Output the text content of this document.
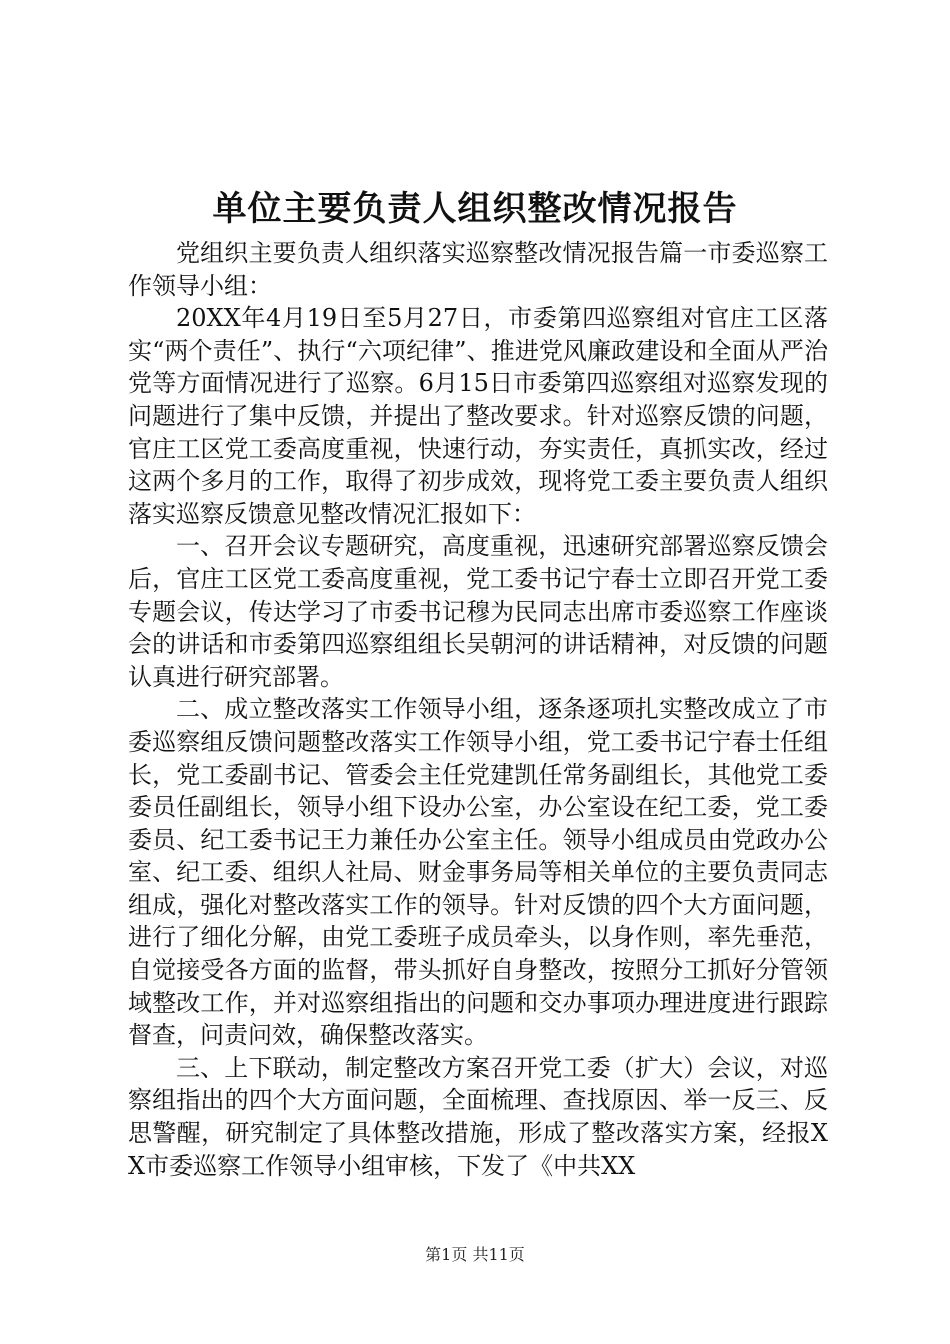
单位主要负责人组织整改情况报告

党组织主要负责人组织落实巡察整改情况报告篇一市委巡察工作领导小组：

20XX年4月19日至5月27日，市委第四巡察组对官庄工区落实“两个责任”、执行“六项纪律”、推进党风廉政建设和全面从严治党等方面情况进行了巡察。6月15日市委第四巡察组对巡察发现的问题进行了集中反馈，并提出了整改要求。针对巡察反馈的问题，官庄工区党工委高度重视，快速行动，夯实责任，真抓实改，经过这两个多月的工作，取得了初步成效，现将党工委主要负责人组织落实巡察反馈意见整改情况汇报如下：

一、召开会议专题研究，高度重视，迅速研究部署巡察反馈会后，官庄工区党工委高度重视，党工委书记宁春士立即召开党工委专题会议，传达学习了市委书记穆为民同志出席市委巡察工作座谈会的讲话和市委第四巡察组组长吴朝河的讲话精神，对反馈的问题认真进行研究部署。

二、成立整改落实工作领导小组，逐条逐项扎实整改成立了市委巡察组反馈问题整改落实工作领导小组，党工委书记宁春士任组长，党工委副书记、管委会主任党建凯任常务副组长，其他党工委委员任副组长，领导小组下设办公室，办公室设在纪工委，党工委委员、纪工委书记王力兼任办公室主任。领导小组成员由党政办公室、纪工委、组织人社局、财金事务局等相关单位的主要负责同志组成，强化对整改落实工作的领导。针对反馈的四个大方面问题，进行了细化分解，由党工委班子成员牵头，以身作则，率先垂范，自觉接受各方面的监督，带头抓好自身整改，按照分工抓好分管领域整改工作，并对巡察组指出的问题和交办事项办理进度进行跟踪督查，问责问效，确保整改落实。

三、上下联动，制定整改方案召开党工委（扩大）会议，对巡察组指出的四个大方面问题，全面梳理、查找原因、举一反三、反思警醒，研究制定了具体整改措施，形成了整改落实方案，经报XX市委巡察工作领导小组审核，下发了《中共XX

第1页 共11页
